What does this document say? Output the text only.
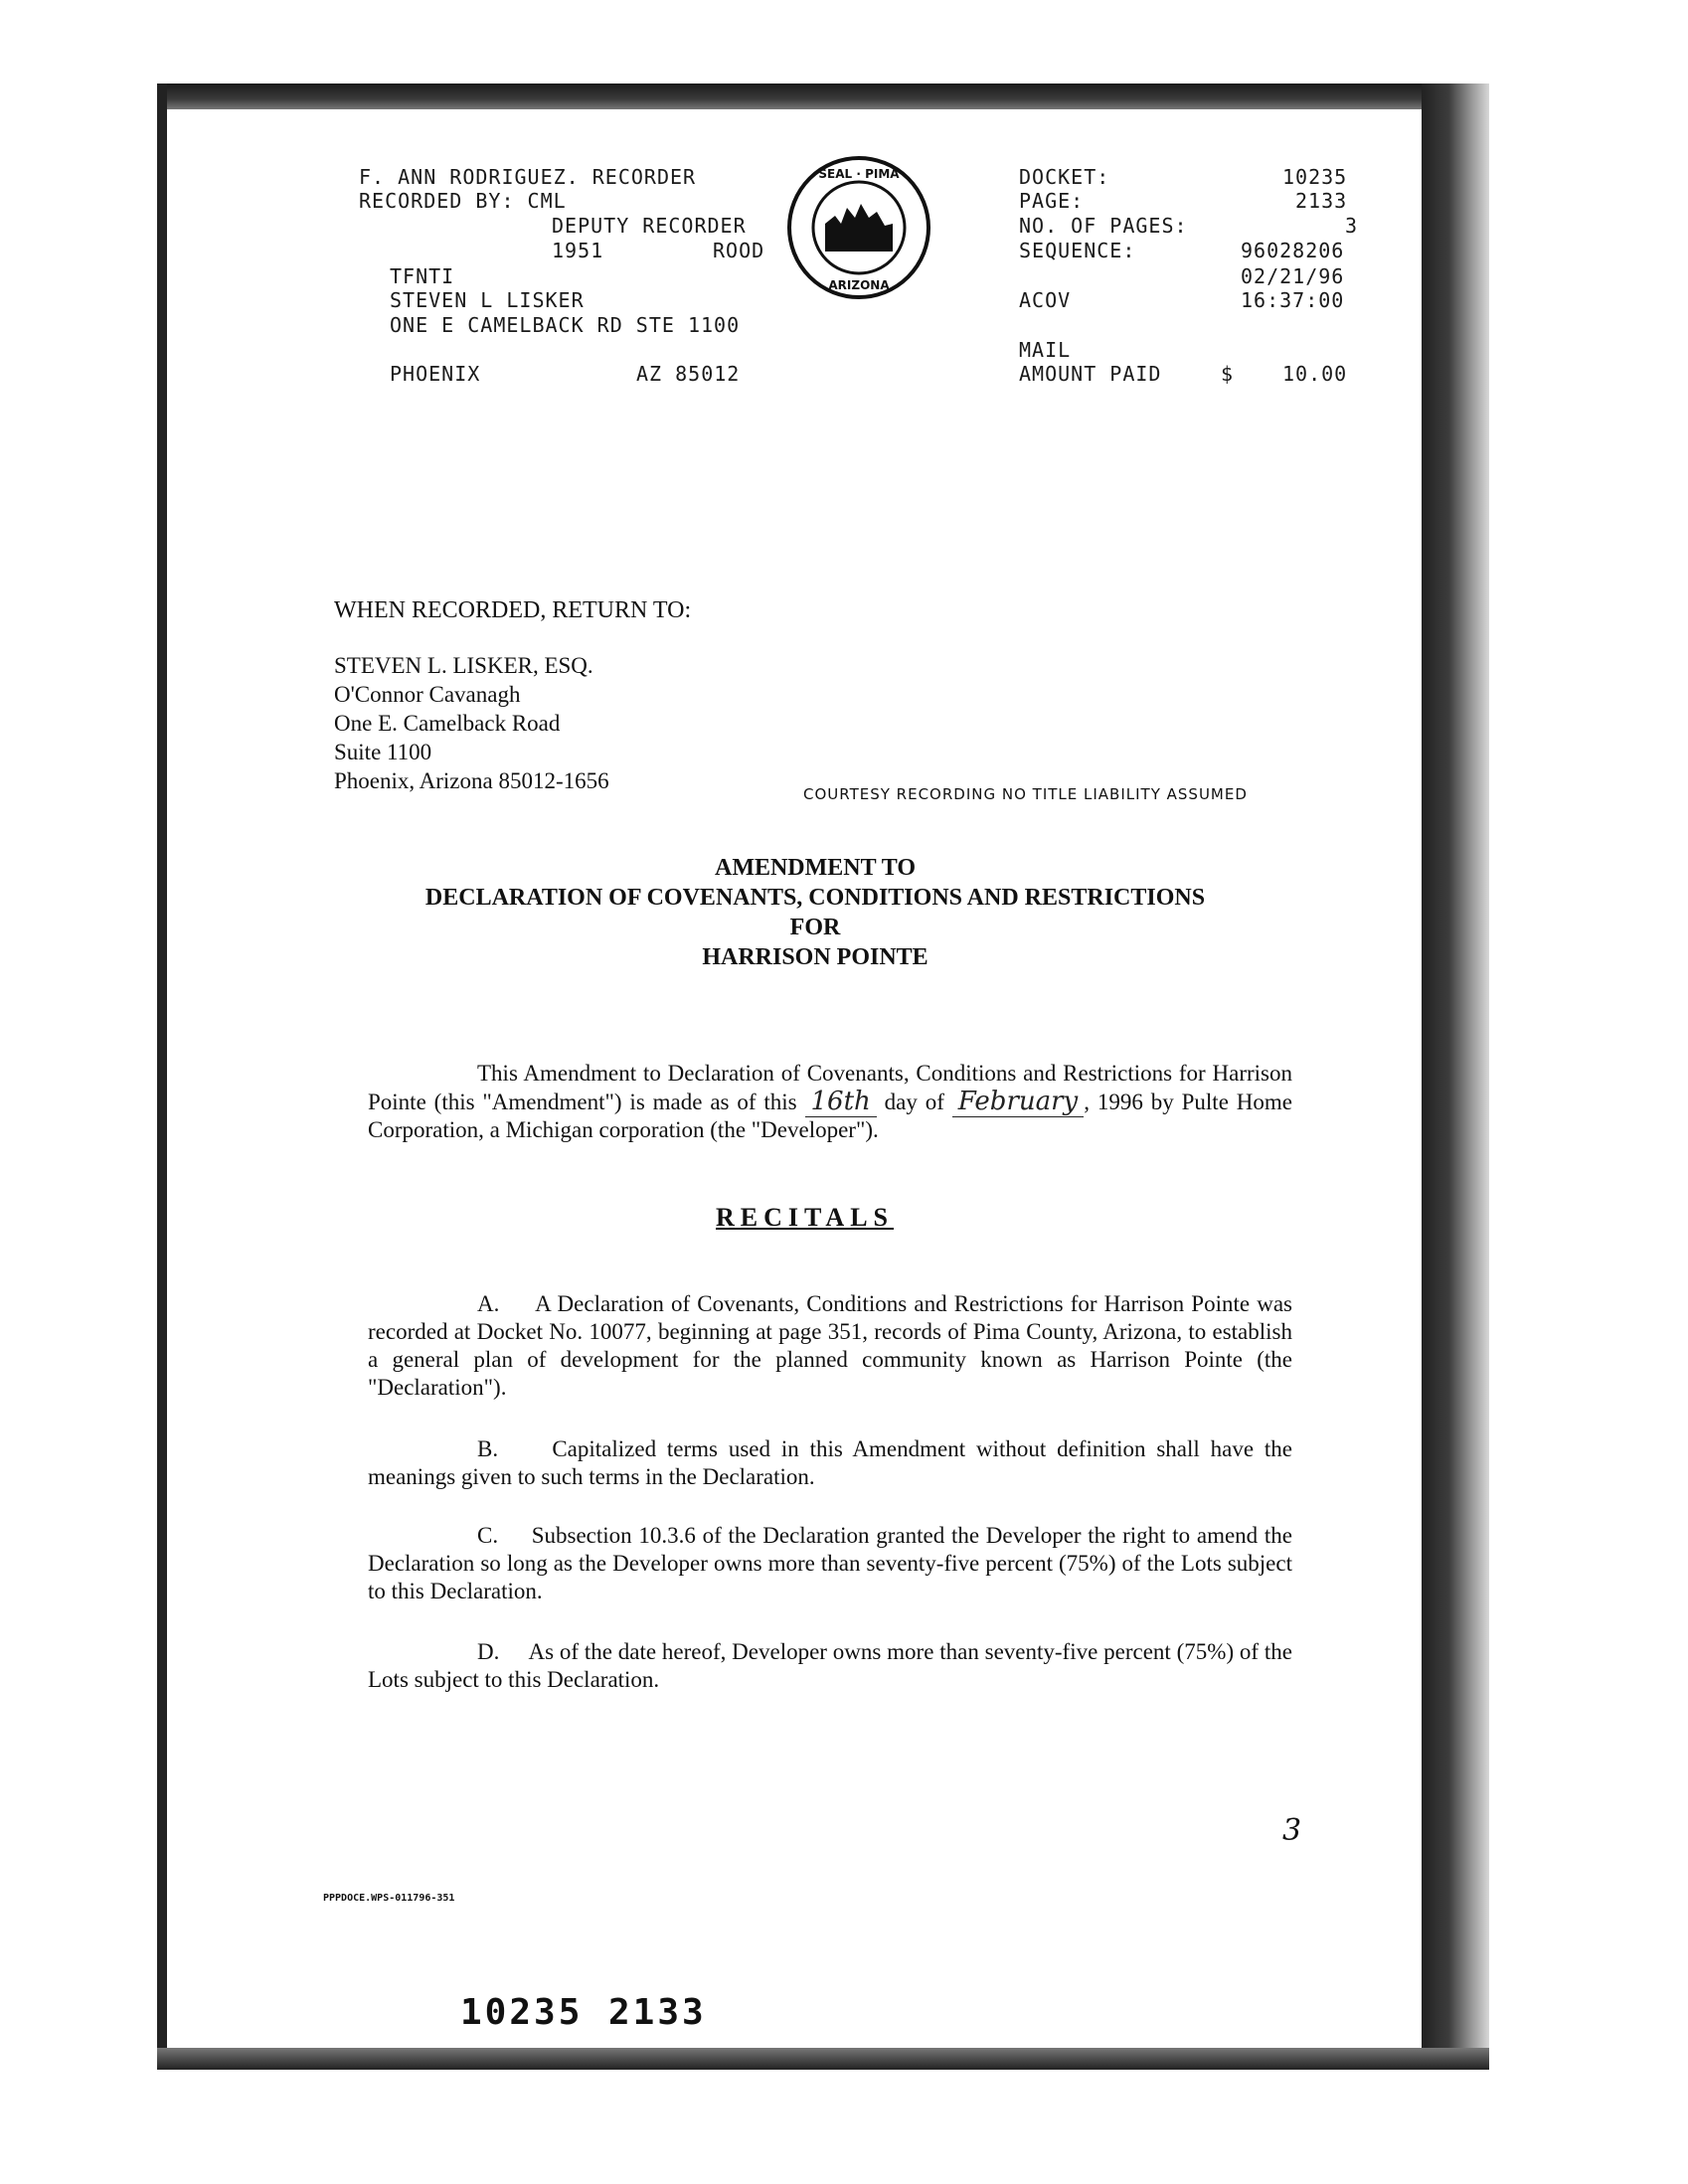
F. ANN RODRIGUEZ. RECORDER
RECORDED BY: CML
DEPUTY RECORDER
1951	ROOD
TFNTI
STEVEN L LISKER
ONE E CAMELBACK RD STE 1100
PHOENIX	AZ 85012
SEAL · PIMA
ARIZONA
DOCKET:	10235
PAGE:	2133
NO. OF PAGES:	3
SEQUENCE:	96028206
02/21/96
ACOV	16:37:00
MAIL
AMOUNT PAID	$ 10.00
WHEN RECORDED, RETURN TO:
STEVEN L. LISKER, ESQ.
O'Connor Cavanagh
One E. Camelback Road
Suite 1100
Phoenix, Arizona 85012-1656
COURTESY RECORDING NO TITLE LIABILITY ASSUMED
AMENDMENT TO
DECLARATION OF COVENANTS, CONDITIONS AND RESTRICTIONS
FOR
HARRISON POINTE
This Amendment to Declaration of Covenants, Conditions and Restrictions for Harrison Pointe (this "Amendment") is made as of this 16th day of February , 1996 by Pulte Home Corporation, a Michigan corporation (the "Developer").
RECITALS
A. A Declaration of Covenants, Conditions and Restrictions for Harrison Pointe was recorded at Docket No. 10077, beginning at page 351, records of Pima County, Arizona, to establish a general plan of development for the planned community known as Harrison Pointe (the "Declaration").
B. Capitalized terms used in this Amendment without definition shall have the meanings given to such terms in the Declaration.
C. Subsection 10.3.6 of the Declaration granted the Developer the right to amend the Declaration so long as the Developer owns more than seventy-five percent (75%) of the Lots subject to this Declaration.
D. As of the date hereof, Developer owns more than seventy-five percent (75%) of the Lots subject to this Declaration.
3
PPPDOCE.WPS-011796-351
10235 2133
